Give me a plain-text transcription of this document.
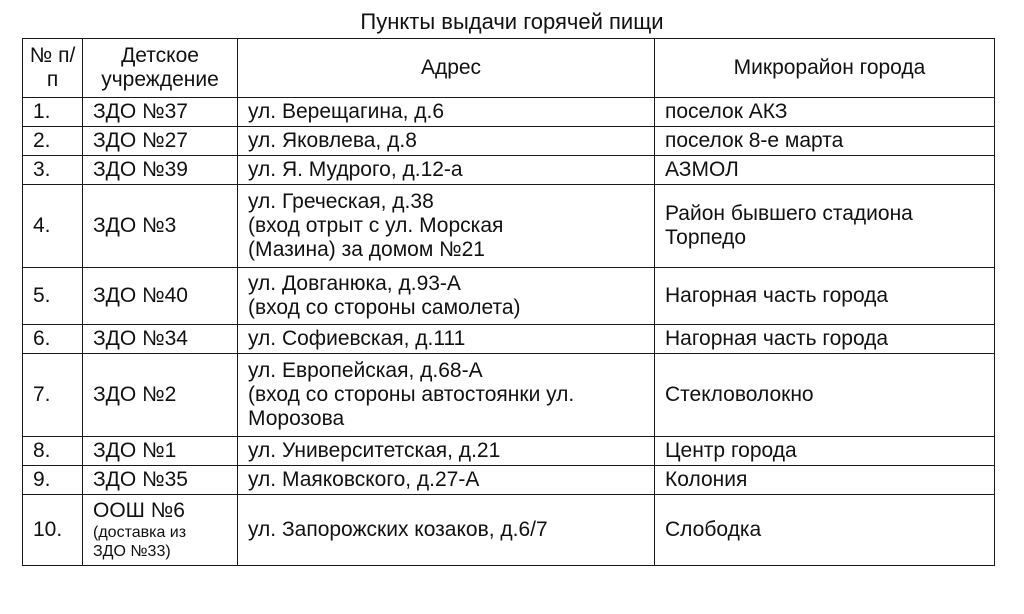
Пункты выдачи горячей пищи
№ п/п	Детское учреждение	Адрес	Микрорайон города
1.	ЗДО №37	ул. Верещагина, д.6	поселок АКЗ

2.	ЗДО №27	ул. Яковлева, д.8	поселок 8-е марта

3.	ЗДО №39	ул. Я. Мудрого, д.12-а	АЗМОЛ

4.	ЗДО №3	ул. Греческая, д.38
(вход отрыт с ул. Морская
(Мазина) за домом №21	Район бывшего стадиона
Торпедо

5.	ЗДО №40	ул. Довганюка, д.93-А
(вход со стороны самолета)	Нагорная часть города

6.	ЗДО №34	ул. Софиевская, д.111	Нагорная часть города

7.	ЗДО №2	ул. Европейская, д.68-А
(вход со стороны автостоянки ул.
Морозова	Стекловолокно

8.	ЗДО №1	ул. Университетская, д.21	Центр города

9.	ЗДО №35	ул. Маяковского, д.27-А	Колония

10.	ООШ №6
(доставка из
ЗДО №33)	ул. Запорожских козаков, д.6/7	Слободка
